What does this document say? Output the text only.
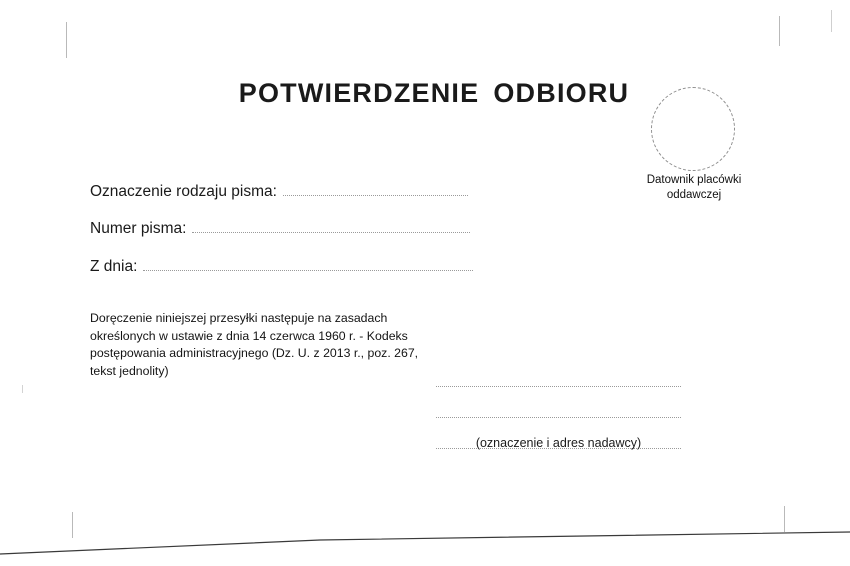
POTWIERDZENIE ODBIORU
Datownik placówki
oddawczej
Oznaczenie rodzaju pisma:
Numer pisma:
Z dnia:
Doręczenie niniejszej przesyłki następuje na zasadach określonych w ustawie z dnia 14 czerwca 1960 r. - Kodeks postępowania administracyjnego (Dz. U. z 2013 r., poz. 267, tekst jednolity)
(oznaczenie i adres nadawcy)
